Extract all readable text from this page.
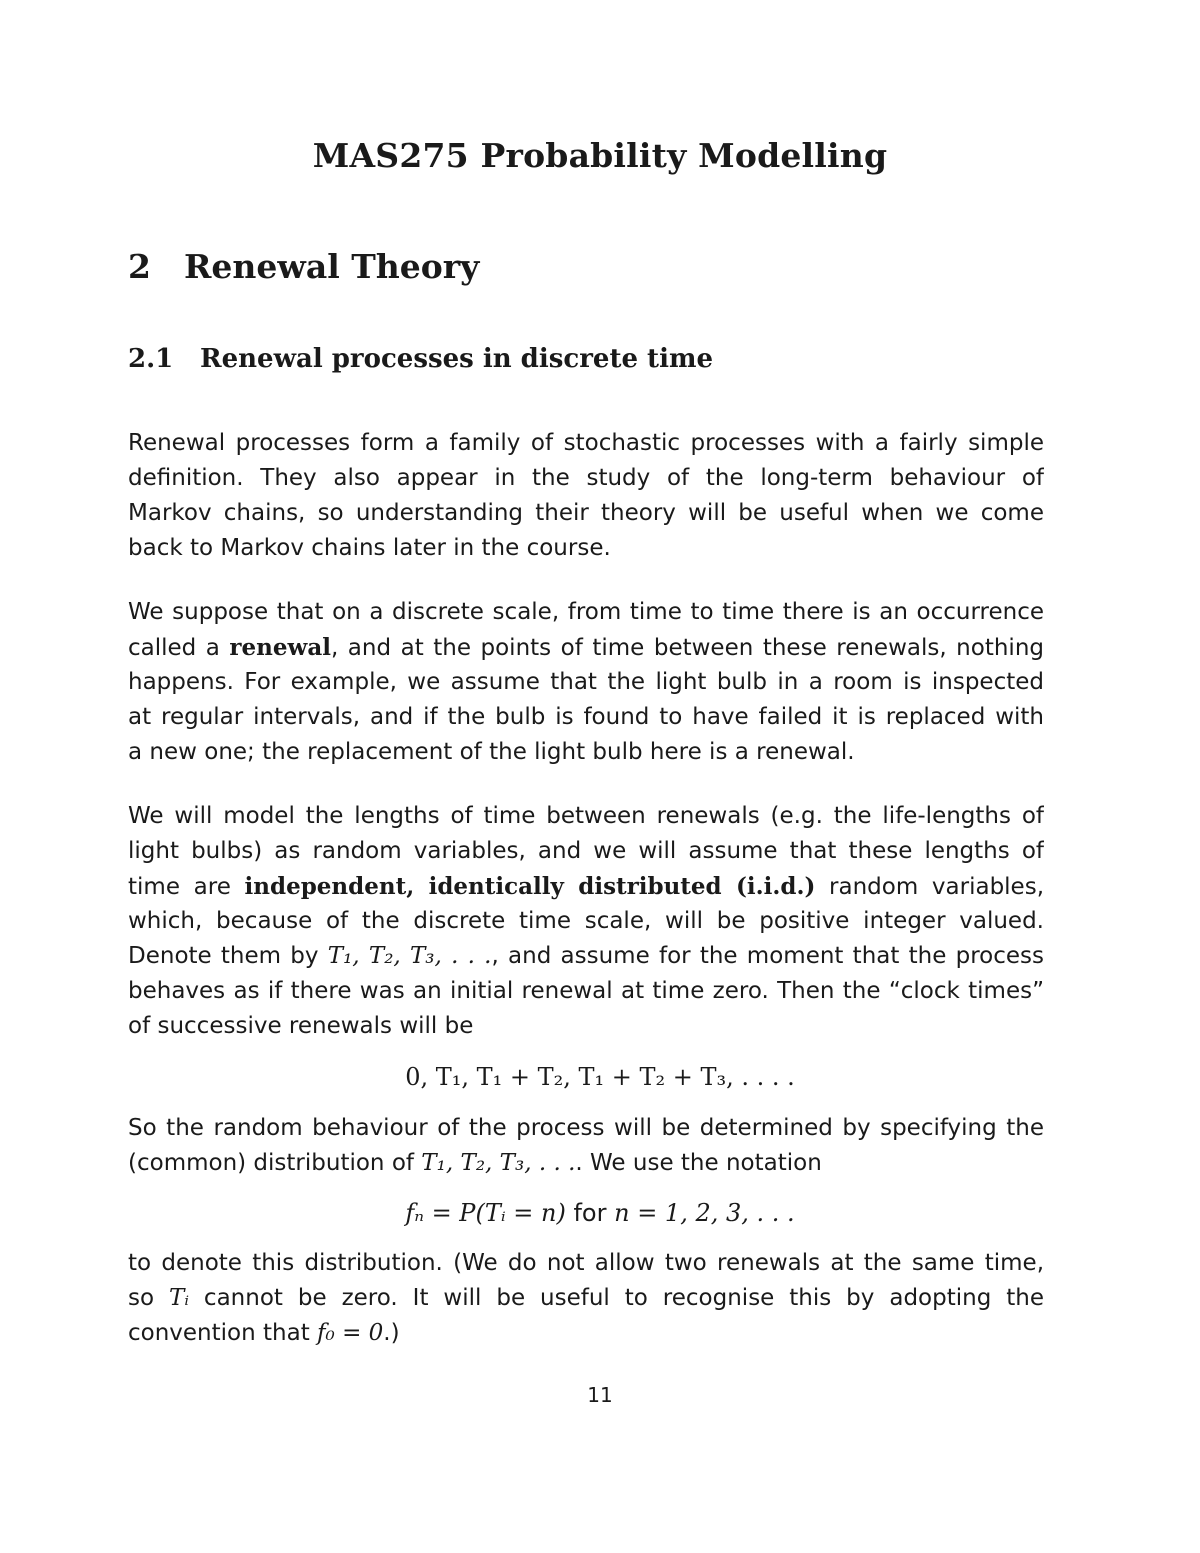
MAS275 Probability Modelling
2 Renewal Theory
2.1 Renewal processes in discrete time
Renewal processes form a family of stochastic processes with a fairly simple
definition. They also appear in the study of the long-term behaviour of
Markov chains, so understanding their theory will be useful when we come
back to Markov chains later in the course.
We suppose that on a discrete scale, from time to time there is an occurrence
called a renewal, and at the points of time between these renewals, nothing
happens. For example, we assume that the light bulb in a room is inspected
at regular intervals, and if the bulb is found to have failed it is replaced with
a new one; the replacement of the light bulb here is a renewal.
We will model the lengths of time between renewals (e.g. the life-lengths of
light bulbs) as random variables, and we will assume that these lengths of
time are independent, identically distributed (i.i.d.) random variables,
which, because of the discrete time scale, will be positive integer valued.
Denote them by T₁, T₂, T₃, . . ., and assume for the moment that the process
behaves as if there was an initial renewal at time zero. Then the “clock times”
of successive renewals will be
0, T₁, T₁ + T₂, T₁ + T₂ + T₃, . . . .
So the random behaviour of the process will be determined by specifying the
(common) distribution of T₁, T₂, T₃, . . .. We use the notation
fₙ = P(Tᵢ = n) for n = 1, 2, 3, . . .
to denote this distribution. (We do not allow two renewals at the same time,
so Tᵢ cannot be zero. It will be useful to recognise this by adopting the
convention that f₀ = 0.)
11
